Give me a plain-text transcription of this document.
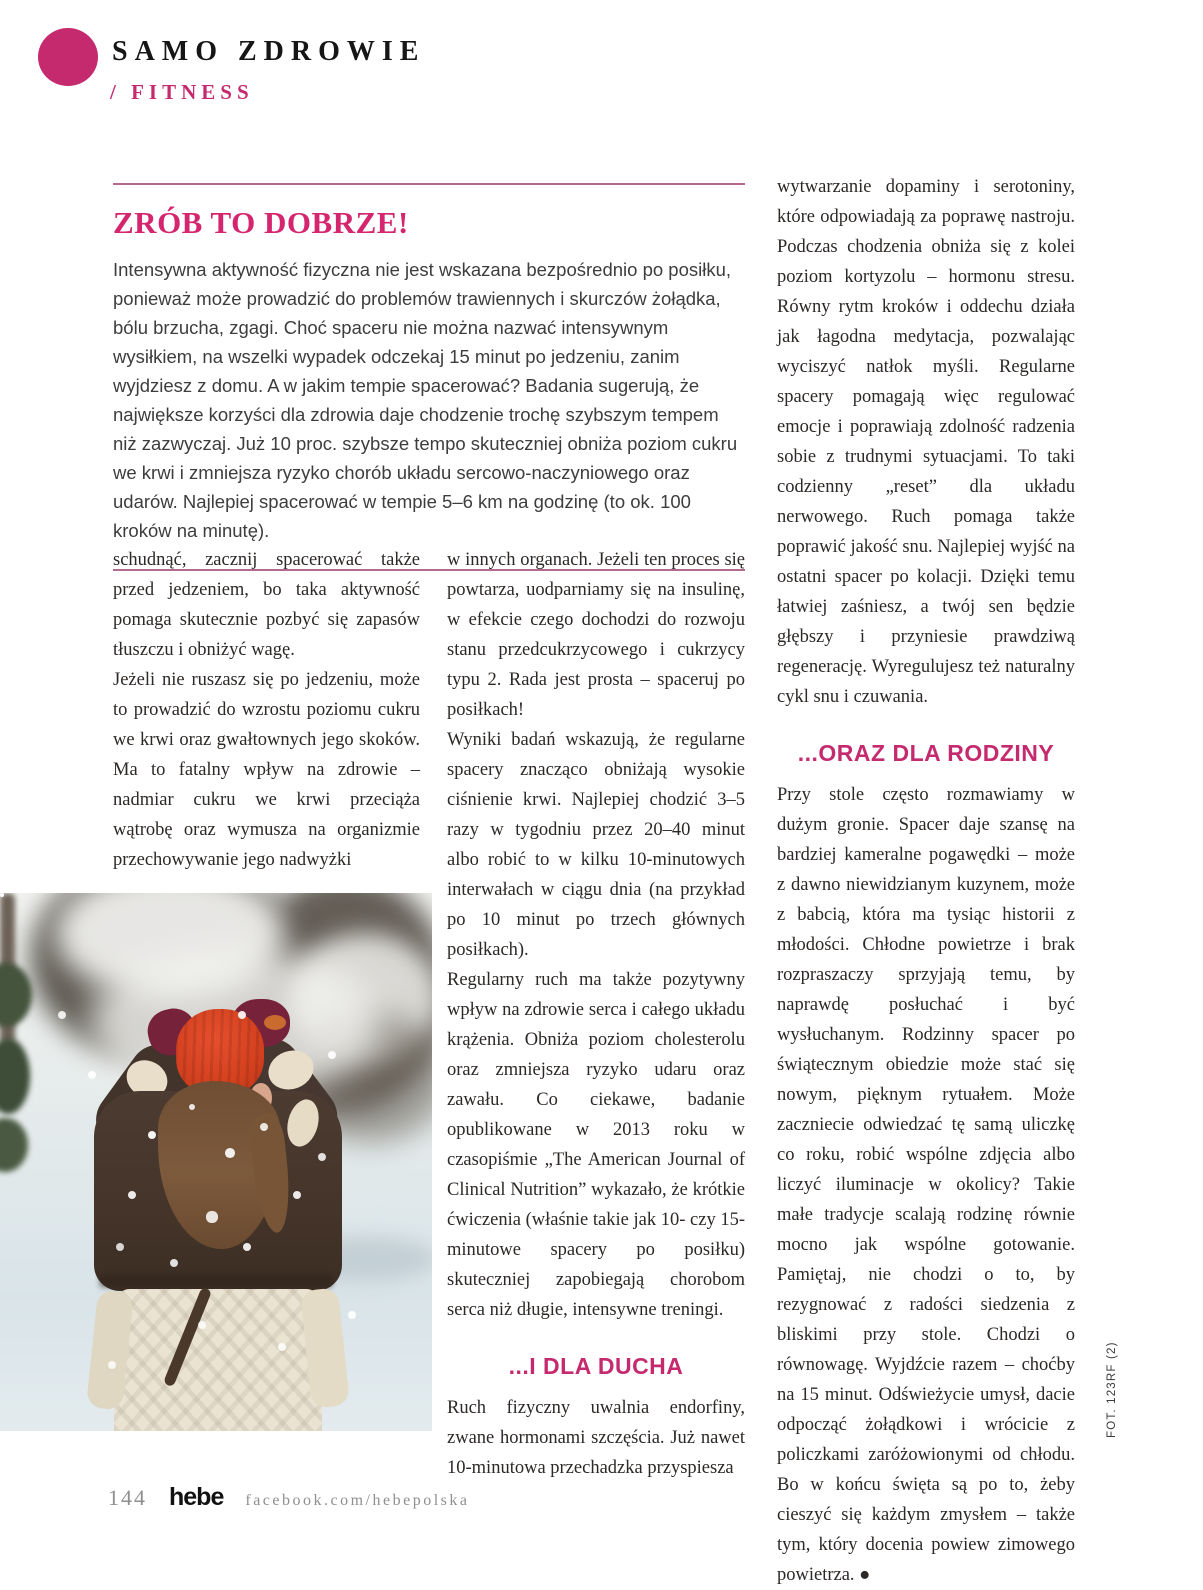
SAMO ZDROWIE
/ FITNESS
ZRÓB TO DOBRZE!

Intensywna aktywność fizyczna nie jest wskazana bezpośrednio po posiłku, ponieważ może prowadzić do problemów trawiennych i skurczów żołądka, bólu brzucha, zgagi. Choć spaceru nie można nazwać intensywnym wysiłkiem, na wszelki wypadek odczekaj 15 minut po jedzeniu, zanim wyjdziesz z domu. A w jakim tempie spacerować? Badania sugerują, że największe korzyści dla zdrowia daje chodzenie trochę szybszym tempem niż zazwyczaj. Już 10 proc. szybsze tempo skuteczniej obniża poziom cukru we krwi i zmniejsza ryzyko chorób układu sercowo-naczyniowego oraz udarów. Najlepiej spacerować w tempie 5–6 km na godzinę (to ok. 100 kroków na minutę).

schudnąć, zacznij spacerować także przed jedzeniem, bo taka aktywność pomaga skutecznie pozbyć się zapasów tłuszczu i obniżyć wagę.

Jeżeli nie ruszasz się po jedzeniu, może to prowadzić do wzrostu poziomu cukru we krwi oraz gwałtownych jego skoków. Ma to fatalny wpływ na zdrowie – nadmiar cukru we krwi przeciąża wątrobę oraz wymusza na organizmie przechowywanie jego nadwyżki

w innych organach. Jeżeli ten proces się powtarza, uodparniamy się na insulinę, w efekcie czego dochodzi do rozwoju stanu przedcukrzycowego i cukrzycy typu 2. Rada jest prosta – spaceruj po posiłkach!

Wyniki badań wskazują, że regularne spacery znacząco obniżają wysokie ciśnienie krwi. Najlepiej chodzić 3–5 razy w tygodniu przez 20–40 minut albo robić to w kilku 10-minutowych interwałach w ciągu dnia (na przykład po 10 minut po trzech głównych posiłkach).

Regularny ruch ma także pozytywny wpływ na zdrowie serca i całego układu krążenia. Obniża poziom cholesterolu oraz zmniejsza ryzyko udaru oraz zawału. Co ciekawe, badanie opublikowane w 2013 roku w czasopiśmie „The American Journal of Clinical Nutrition” wykazało, że krótkie ćwiczenia (właśnie takie jak 10- czy 15-minutowe spacery po posiłku) skuteczniej zapobiegają chorobom serca niż długie, intensywne treningi.

...I DLA DUCHA

Ruch fizyczny uwalnia endorfiny, zwane hormonami szczęścia. Już nawet 10-minutowa przechadzka przyspiesza

wytwarzanie dopaminy i serotoniny, które odpowiadają za poprawę nastroju. Podczas chodzenia obniża się z kolei poziom kortyzolu – hormonu stresu. Równy rytm kroków i oddechu działa jak łagodna medytacja, pozwalając wyciszyć natłok myśli. Regularne spacery pomagają więc regulować emocje i poprawiają zdolność radzenia sobie z trudnymi sytuacjami. To taki codzienny „reset” dla układu nerwowego. Ruch pomaga także poprawić jakość snu. Najlepiej wyjść na ostatni spacer po kolacji. Dzięki temu łatwiej zaśniesz, a twój sen będzie głębszy i przyniesie prawdziwą regenerację. Wyregulujesz też naturalny cykl snu i czuwania.

...ORAZ DLA RODZINY

Przy stole często rozmawiamy w dużym gronie. Spacer daje szansę na bardziej kameralne pogawędki – może z dawno niewidzianym kuzynem, może z babcią, która ma tysiąc historii z młodości. Chłodne powietrze i brak rozpraszaczy sprzyjają temu, by naprawdę posłuchać i być wysłuchanym. Rodzinny spacer po świątecznym obiedzie może stać się nowym, pięknym rytuałem. Może zaczniecie odwiedzać tę samą uliczkę co roku, robić wspólne zdjęcia albo liczyć iluminacje w okolicy? Takie małe tradycje scalają rodzinę równie mocno jak wspólne gotowanie. Pamiętaj, nie chodzi o to, by rezygnować z radości siedzenia z bliskimi przy stole. Chodzi o równowagę. Wyjdźcie razem – choćby na 15 minut. Odświeżycie umysł, dacie odpocząć żołądkowi i wrócicie z policzkami zaróżowionymi od chłodu. Bo w końcu święta są po to, żeby cieszyć się każdym zmysłem – także tym, który docenia powiew zimowego powietrza. ●

FOT. 123RF (2)
144 hebe facebook.com/hebepolska
